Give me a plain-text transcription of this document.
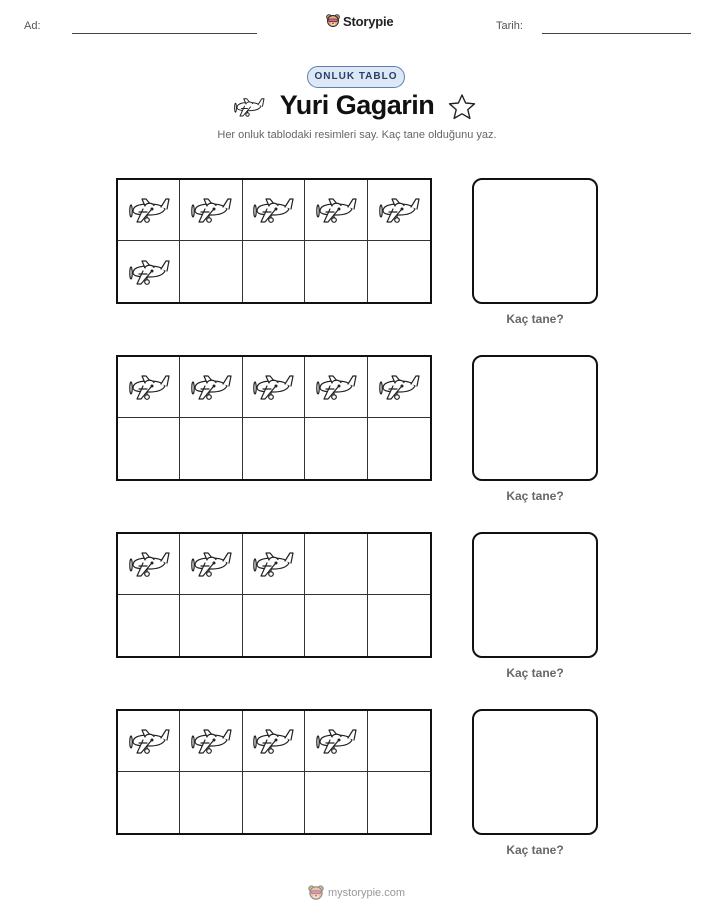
Ad:	Storypie	Tarih:
ONLUK TABLO
Yuri Gagarin
Her onluk tablodaki resimleri say. Kaç tane olduğunu yaz.
Kaç tane?
Kaç tane?
Kaç tane?
Kaç tane?
mystorypie.com
